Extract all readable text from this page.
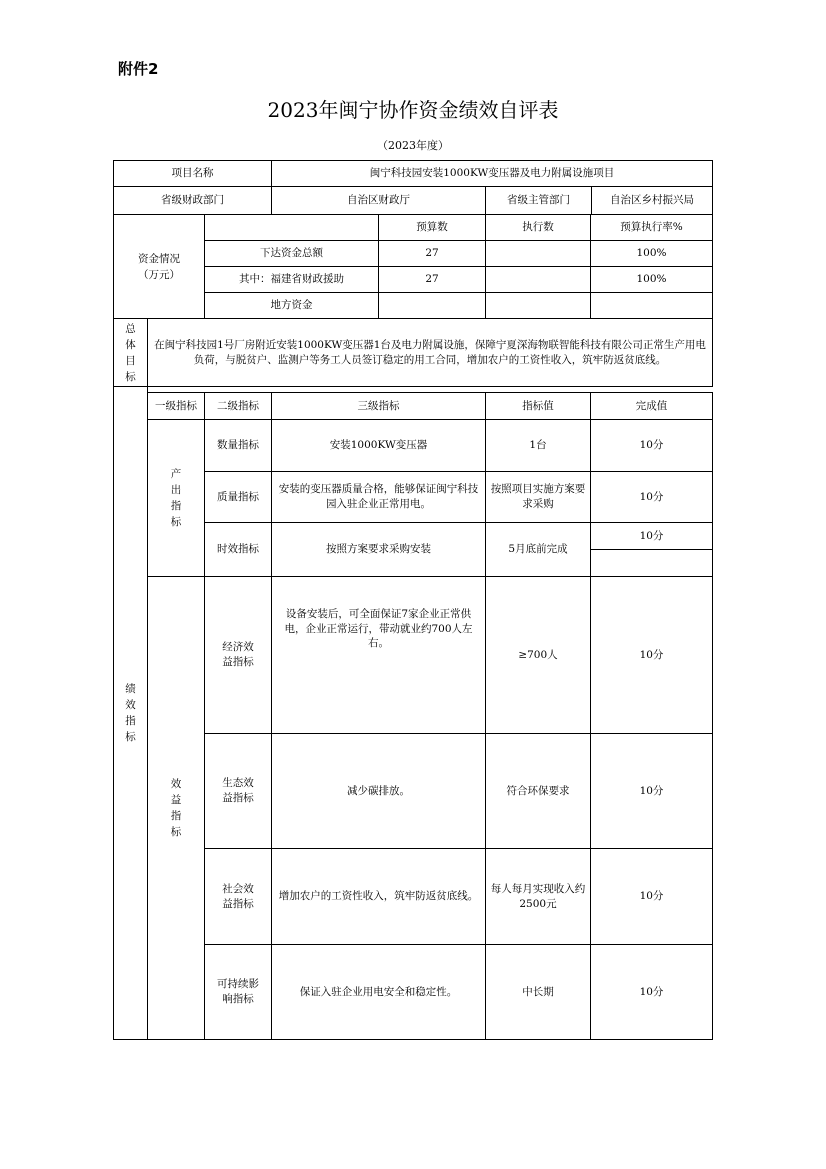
附件2
2023年闽宁协作资金绩效自评表
（2023年度）
项目名称			闽宁科技园安装1000KW变压器及电力附属设施项目			
省级财政部门			自治区财政厅		省级主管部门 自治区乡村振兴局	

资金情况（万元）				预算数	执行数	预算执行率%
		下达资金总额		27		100%
		其中：福建省财政援助		27		100%
		地方资金				
总体目标	在闽宁科技园1号厂房附近安装1000KW变压器1台及电力附属设施，保障宁夏深海物联智能科技有限公司正常生产用电负荷，与脱贫户、监测户等务工人员签订稳定的用工合同，增加农户的工资性收入，筑牢防返贫底线。					
绩效指标						
	一级指标	二级指标	三级指标		指标值	完成值
	产出指标	数量指标	安装1000KW变压器		1台	10分
		质量指标	安装的变压器质量合格，能够保证闽宁科技园入驻企业正常用电。		按照项目实施方案要求采购	10分
		时效指标	按照方案要求采购安装		5月底前完成	10分

	效益指标	经济效益指标	设备安装后，可全面保证7家企业正常供电，企业正常运行，带动就业约700人左右。		≥700人	10分
		生态效益指标	减少碳排放。		符合环保要求	10分
		社会效益指标	增加农户的工资性收入，筑牢防返贫底线。		每人每月实现收入约2500元	10分
		可持续影响指标	保证入驻企业用电安全和稳定性。		中长期	10分
